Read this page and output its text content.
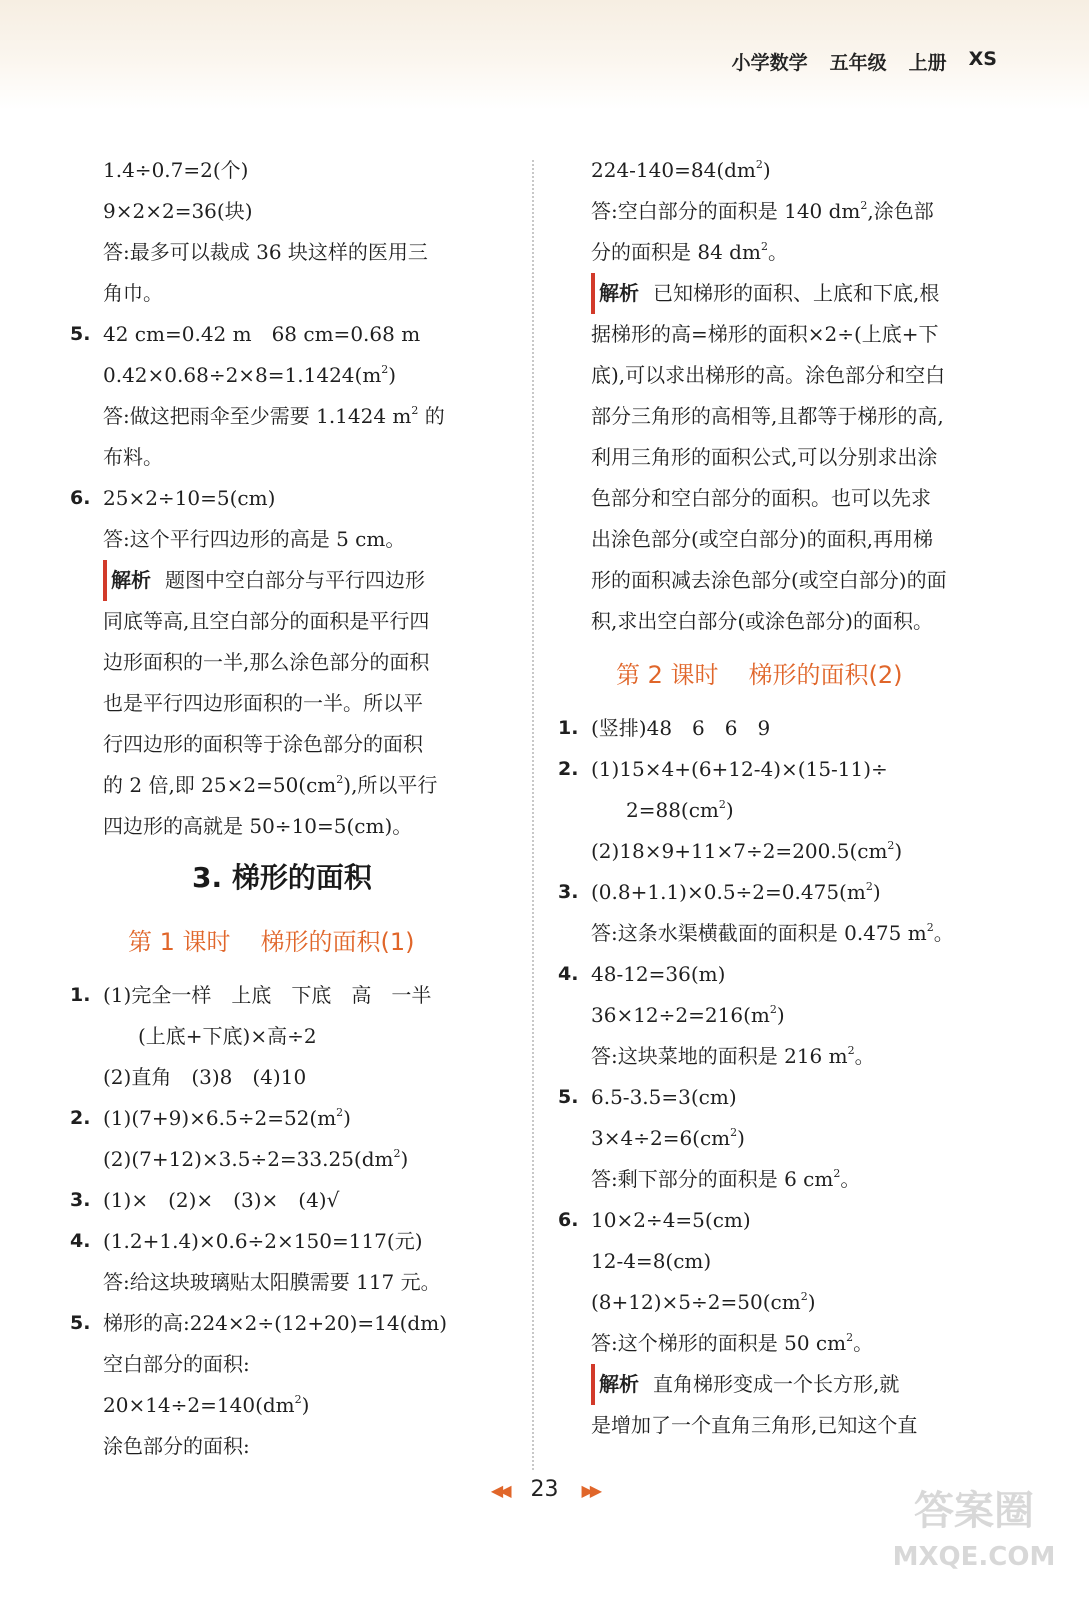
小学数学 五年级 上册 XS
1.4÷0.7=2(个)
9×2×2=36(块)
答:最多可以裁成 36 块这样的医用三
角巾。
5. 42 cm=0.42 m　68 cm=0.68 m
$0.42\times 0.68\div 2\times 8=1.1424(m^2)$
答:做这把雨伞至少需要 1.1424 $m^2$ 的
布料。
6. 25×2÷10=5(cm)
答:这个平行四边形的高是 5 cm。
解析 题图中空白部分与平行四边形
同底等高,且空白部分的面积是平行四
边形面积的一半,那么涂色部分的面积
也是平行四边形面积的一半。所以平
行四边形的面积等于涂色部分的面积
的 2 倍,即 $25\times 2=50(cm^2)$,所以平行
四边形的高就是 50÷10=5(cm)。
3. 梯形的面积
第 1 课时 梯形的面积(1)
1. (1)完全一样　上底　下底　高　一半
(上底+下底)×高÷2
(2)直角　(3)8　(4)10
2. $(1)(7+9)\times 6.5\div 2=52(m^2)$
$(2)(7+12)\times 3.5\div 2=33.25(dm^2)$
3. (1)×　(2)×　(3)×　(4)√
4. (1.2+1.4)×0.6÷2×150=117(元)
答:给这块玻璃贴太阳膜需要 117 元。
5. 梯形的高:224×2÷(12+20)=14(dm)
空白部分的面积:
$20\times 14\div 2=140(dm^2)$
涂色部分的面积:
$224-140=84(dm^2)$
答:空白部分的面积是 140 $dm^2$,涂色部
分的面积是 84 $dm^2$。
解析 已知梯形的面积、上底和下底,根
据梯形的高=梯形的面积×2÷(上底+下
底),可以求出梯形的高。涂色部分和空白
部分三角形的高相等,且都等于梯形的高,
利用三角形的面积公式,可以分别求出涂
色部分和空白部分的面积。也可以先求
出涂色部分(或空白部分)的面积,再用梯
形的面积减去涂色部分(或空白部分)的面
积,求出空白部分(或涂色部分)的面积。
第 2 课时 梯形的面积(2)
1. (竖排)48　6　6　9
2. (1)15×4+(6+12-4)×(15-11)÷
$2=88(cm^2)$
$(2)18\times 9+11\times 7\div 2=200.5(cm^2)$
3. $(0.8+1.1)\times 0.5\div 2=0.475(m^2)$
答:这条水渠横截面的面积是 0.475 $m^2$。
4. 48-12=36(m)
$36\times 12\div 2=216(m^2)$
答:这块菜地的面积是 216 $m^2$。
5. 6.5-3.5=3(cm)
$3\times 4\div 2=6(cm^2)$
答:剩下部分的面积是 6 $cm^2$。
6. 10×2÷4=5(cm)
12-4=8(cm)
$(8+12)\times 5\div 2=50(cm^2)$
答:这个梯形的面积是 50 $cm^2$。
解析 直角梯形变成一个长方形,就
是增加了一个直角三角形,已知这个直
◀◀ 23 ▶▶	答案圈
MXQE.COM
